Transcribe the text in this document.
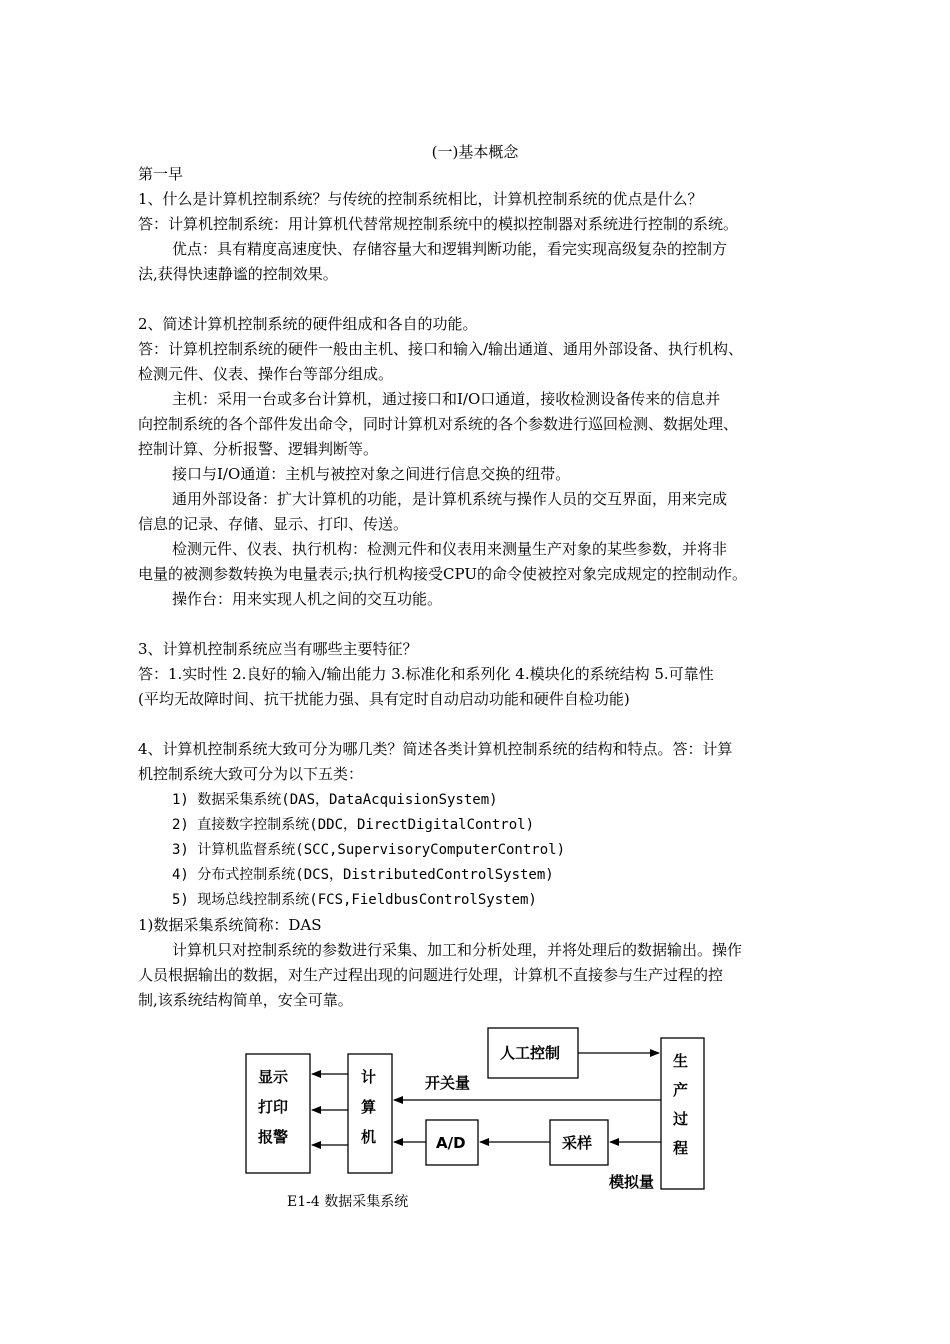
(一)基本概念
第一早
1、什么是计算机控制系统？与传统的控制系统相比，计算机控制系统的优点是什么？
答：计算机控制系统：用计算机代替常规控制系统中的模拟控制器对系统进行控制的系统。
优点：具有精度高速度快、存储容量大和逻辑判断功能，看完实现高级复杂的控制方
法,获得快速静谧的控制效果。
2、简述计算机控制系统的硬件组成和各自的功能。
答：计算机控制系统的硬件一般由主机、接口和输入/输出通道、通用外部设备、执行机构、
检测元件、仪表、操作台等部分组成。
主机：采用一台或多台计算机，通过接口和I/O口通道，接收检测设备传来的信息并
向控制系统的各个部件发出命令，同时计算机对系统的各个参数进行巡回检测、数据处理、
控制计算、分析报警、逻辑判断等。
接口与I/O通道：主机与被控对象之间进行信息交换的纽带。
通用外部设备：扩大计算机的功能，是计算机系统与操作人员的交互界面，用来完成
信息的记录、存储、显示、打印、传送。
检测元件、仪表、执行机构：检测元件和仪表用来测量生产对象的某些参数，并将非
电量的被测参数转换为电量表示;执行机构接受CPU的命令使被控对象完成规定的控制动作。
操作台：用来实现人机之间的交互功能。
3、计算机控制系统应当有哪些主要特征？
答：1.实时性 2.良好的输入/输出能力 3.标准化和系列化 4.模块化的系统结构 5.可靠性
(平均无故障时间、抗干扰能力强、具有定时自动启动功能和硬件自检功能)
4、计算机控制系统大致可分为哪几类？简述各类计算机控制系统的结构和特点。答：计算
机控制系统大致可分为以下五类：
1) 数据采集系统(DAS，DataAcquisionSystem)
2) 直接数字控制系统(DDC，DirectDigitalControl)
3) 计算机监督系统(SCC,SupervisoryComputerControl)
4) 分布式控制系统(DCS，DistributedControlSystem)
5) 现场总线控制系统(FCS,FieldbusControlSystem)
1)数据采集系统简称：DAS
计算机只对控制系统的参数进行采集、加工和分析处理，并将处理后的数据输出。操作
人员根据输出的数据，对生产过程出现的问题进行处理，计算机不直接参与生产过程的控
制,该系统结构简单，安全可靠。
显示
打印
报警
计
算
机	A/D	采样
人工控制	生
产
过
程
开关量
模拟量
E1-4 数据采集系统
